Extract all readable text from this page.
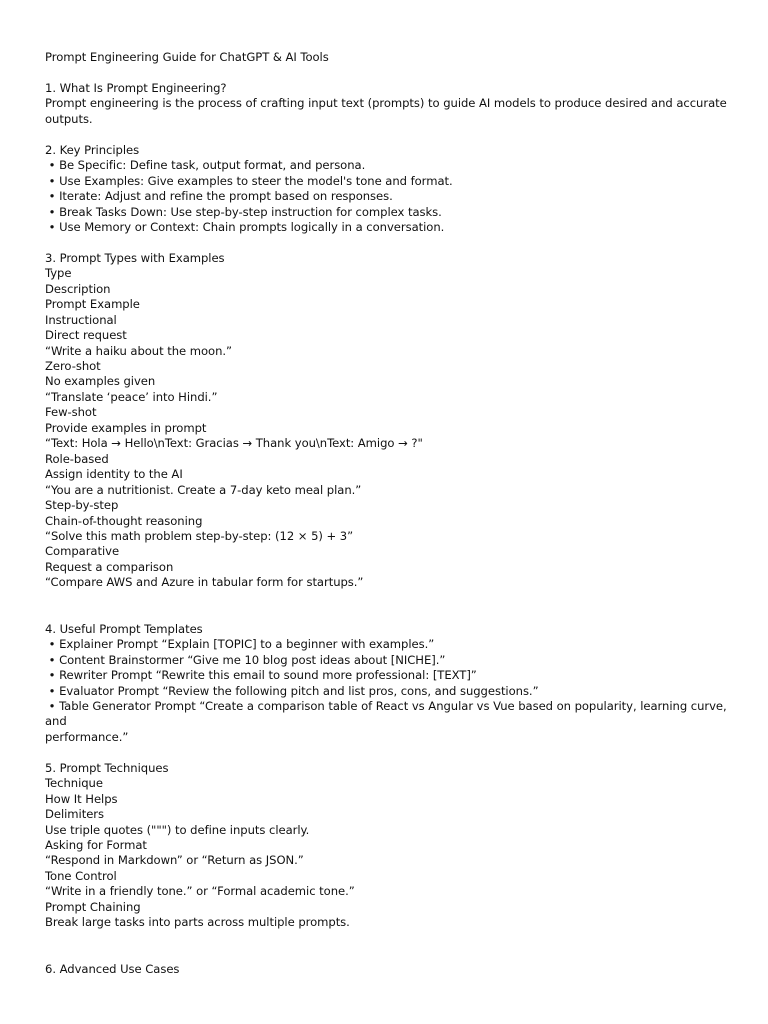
Prompt Engineering Guide for ChatGPT & AI Tools
1. What Is Prompt Engineering?
Prompt engineering is the process of crafting input text (prompts) to guide AI models to produce desired and accurate
outputs.
2. Key Principles
• Be Specific: Define task, output format, and persona.
• Use Examples: Give examples to steer the model's tone and format.
• Iterate: Adjust and refine the prompt based on responses.
• Break Tasks Down: Use step-by-step instruction for complex tasks.
• Use Memory or Context: Chain prompts logically in a conversation.
3. Prompt Types with Examples
Type
Description
Prompt Example
Instructional
Direct request
“Write a haiku about the moon.”
Zero-shot
No examples given
“Translate ‘peace’ into Hindi.”
Few-shot
Provide examples in prompt
“Text: Hola → Hello\nText: Gracias → Thank you\nText: Amigo → ?"
Role-based
Assign identity to the AI
“You are a nutritionist. Create a 7-day keto meal plan.”
Step-by-step
Chain-of-thought reasoning
“Solve this math problem step-by-step: (12 × 5) + 3”
Comparative
Request a comparison
“Compare AWS and Azure in tabular form for startups.”
4. Useful Prompt Templates
• Explainer Prompt “Explain [TOPIC] to a beginner with examples.”
• Content Brainstormer “Give me 10 blog post ideas about [NICHE].”
• Rewriter Prompt “Rewrite this email to sound more professional: [TEXT]”
• Evaluator Prompt “Review the following pitch and list pros, cons, and suggestions.”
• Table Generator Prompt “Create a comparison table of React vs Angular vs Vue based on popularity, learning curve, and
performance.”
5. Prompt Techniques
Technique
How It Helps
Delimiters
Use triple quotes (""") to define inputs clearly.
Asking for Format
“Respond in Markdown” or “Return as JSON.”
Tone Control
“Write in a friendly tone.” or “Formal academic tone.”
Prompt Chaining
Break large tasks into parts across multiple prompts.
6. Advanced Use Cases
